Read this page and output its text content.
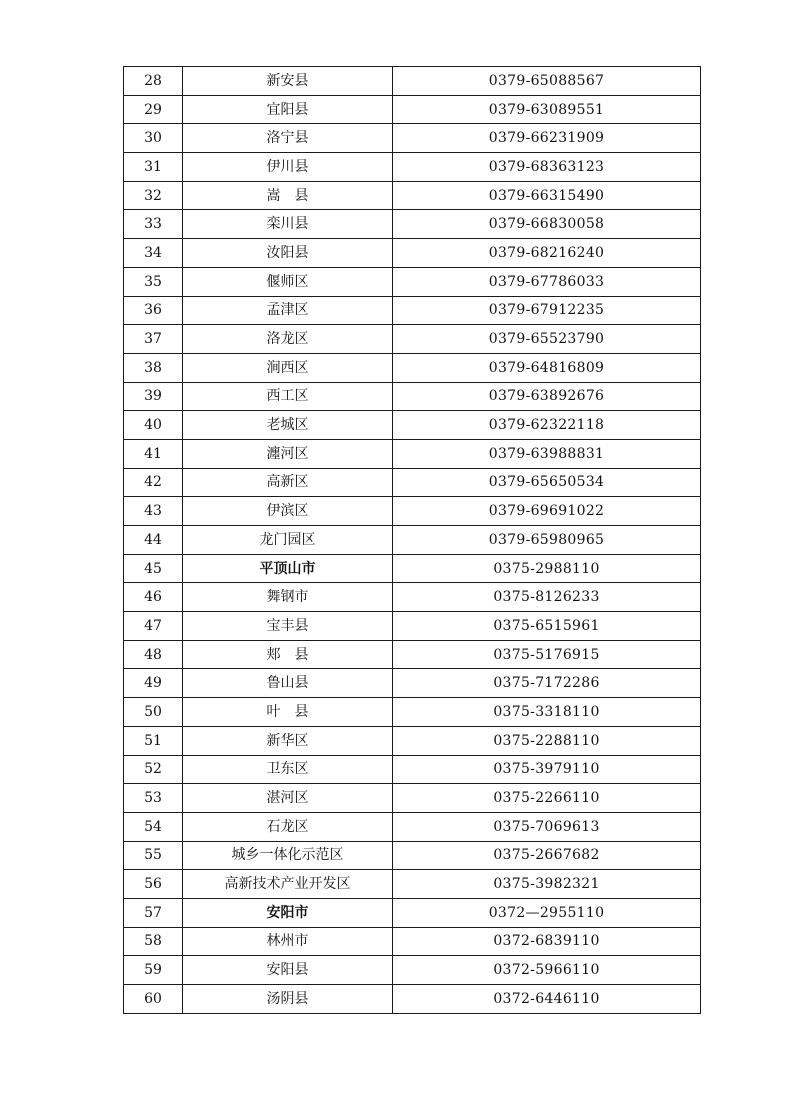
28	新安县	0379-65088567
29	宜阳县	0379-63089551
30	洛宁县	0379-66231909
31	伊川县	0379-68363123
32	嵩　县	0379-66315490
33	栾川县	0379-66830058
34	汝阳县	0379-68216240
35	偃师区	0379-67786033
36	孟津区	0379-67912235
37	洛龙区	0379-65523790
38	涧西区	0379-64816809
39	西工区	0379-63892676
40	老城区	0379-62322118
41	瀍河区	0379-63988831
42	高新区	0379-65650534
43	伊滨区	0379-69691022
44	龙门园区	0379-65980965
45	平顶山市	0375-2988110
46	舞钢市	0375-8126233
47	宝丰县	0375-6515961
48	郏　县	0375-5176915
49	鲁山县	0375-7172286
50	叶　县	0375-3318110
51	新华区	0375-2288110
52	卫东区	0375-3979110
53	湛河区	0375-2266110
54	石龙区	0375-7069613
55	城乡一体化示范区	0375-2667682
56	高新技术产业开发区	0375-3982321
57	安阳市	0372—2955110
58	林州市	0372-6839110
59	安阳县	0372-5966110
60	汤阴县	0372-6446110
